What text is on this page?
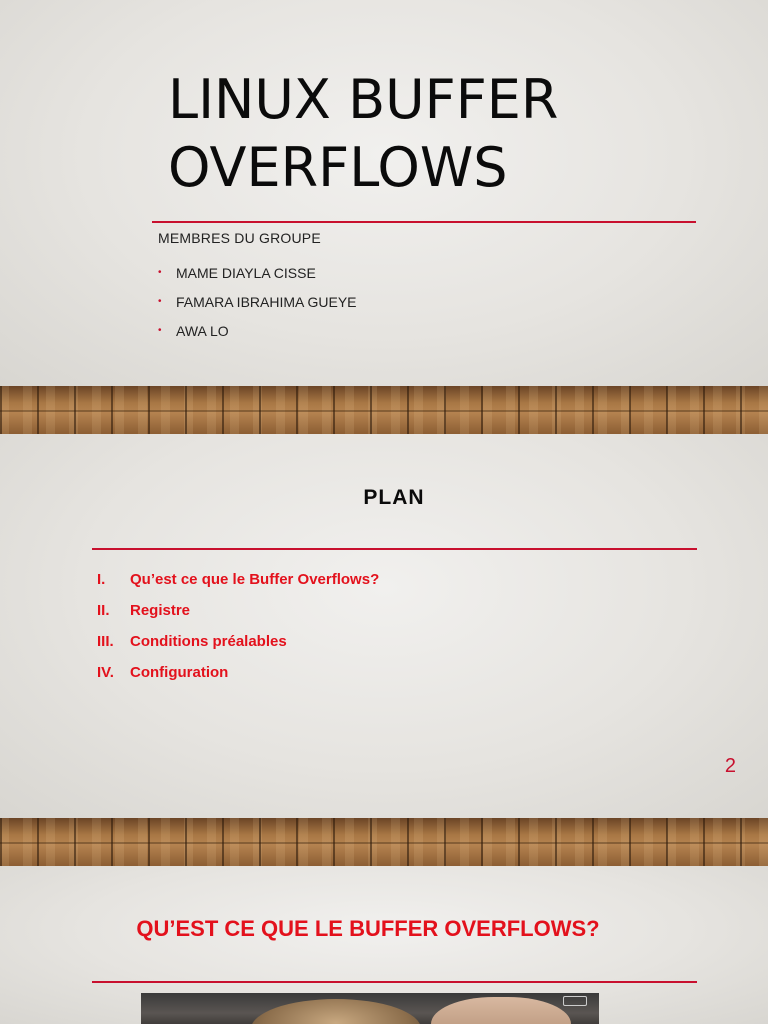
LINUX BUFFER
OVERFLOWS
MEMBRES DU GROUPE
•	MAME DIAYLA CISSE
•	FAMARA IBRAHIMA GUEYE
•	AWA LO
PLAN
I.	Qu’est ce que le Buffer Overflows?
II.	Registre
III.	Conditions préalables
IV.	Configuration
2
QU’EST CE QUE LE BUFFER OVERFLOWS?
